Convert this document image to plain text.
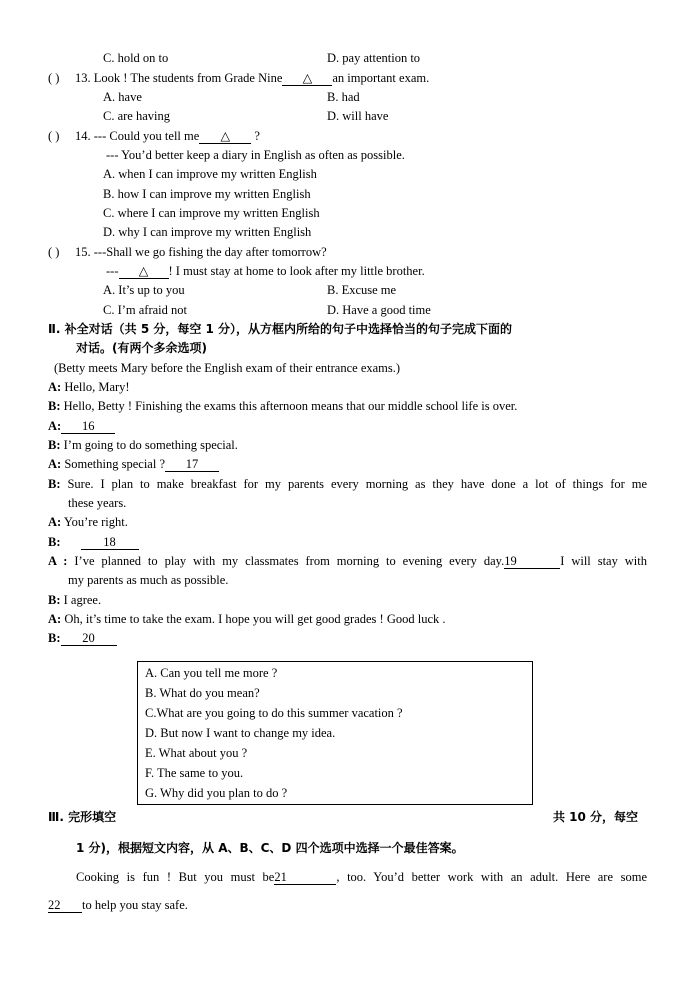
C. hold on to	D. pay attention to
( ) 13. Look ! The students from Grade Nine △ an important exam.
A. have	B. had
C. are having	D. will have
( ) 14. --- Could you tell me △ ?
--- You’d better keep a diary in English as often as possible.
A. when I can improve my written English
B. how I can improve my written English
C. where I can improve my written English
D. why I can improve my written English
( ) 15. ---Shall we go fishing the day after tomorrow?
--- △ ! I must stay at home to look after my little brother.
A. It’s up to you	B. Excuse me
C. I’m afraid not	D. Have a good time
Ⅱ. 补全对话（共 5 分，每空 1 分），从方框内所给的句子中选择恰当的句子完成下面的
对话。(有两个多余选项)
(Betty meets Mary before the English exam of their entrance exams.)
A: Hello, Mary!
B: Hello, Betty ! Finishing the exams this afternoon means that our middle school life is over.
A: 16
B: I’m going to do something special.
A: Something special ? 17
B: Sure. I plan to make breakfast for my parents every morning as they have done a lot of things for me
these years.
A: You’re right.
B:	18
A : I’ve planned to play with my classmates from morning to evening every day.19	I will stay with
my parents as much as possible.
B: I agree.
A: Oh, it’s time to take the exam. I hope you will get good grades ! Good luck .
B: 20
A. Can you tell me more ?
B. What do you mean?
C.What are you going to do this summer vacation ?
D. But now I want to change my idea.
E. What about you ?
F. The same to you.
G. Why did you plan to do ?
Ⅲ. 完形填空	共 10 分，每空
1 分)，根据短文内容，从 A、B、C、D 四个选项中选择一个最佳答案。
Cooking is fun ! But you must be21	, too. You’d better work with an adult. Here are some
22 to help you stay safe.
